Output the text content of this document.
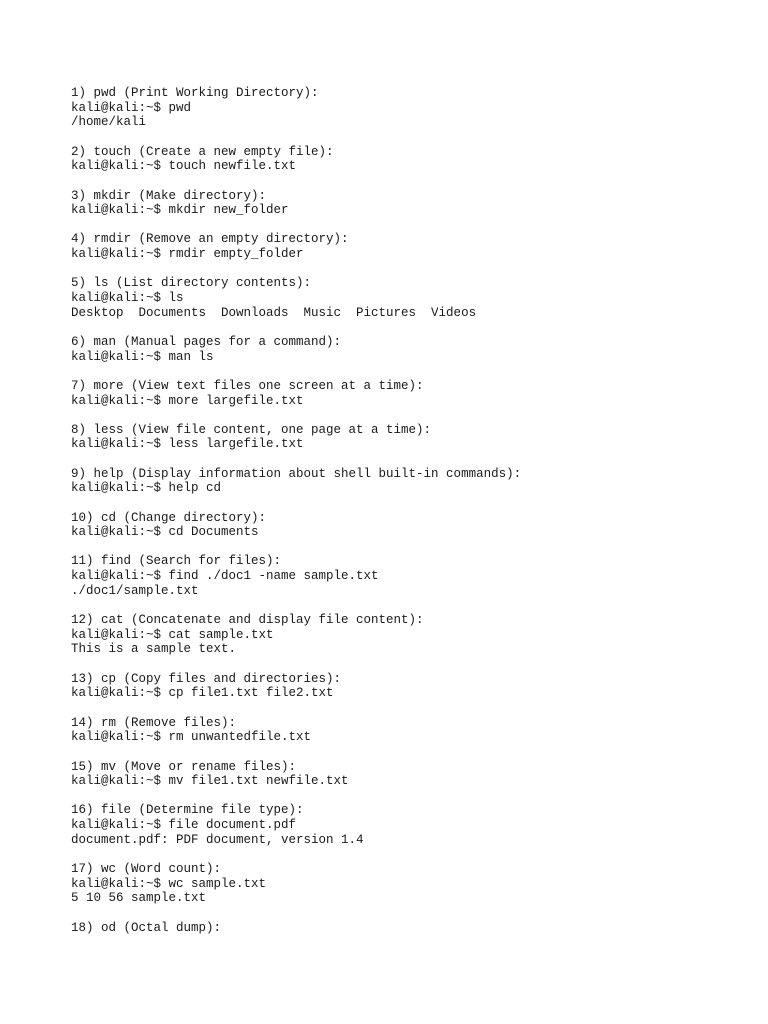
1) pwd (Print Working Directory):
kali@kali:~$ pwd
/home/kali
2) touch (Create a new empty file):
kali@kali:~$ touch newfile.txt
3) mkdir (Make directory):
kali@kali:~$ mkdir new_folder
4) rmdir (Remove an empty directory):
kali@kali:~$ rmdir empty_folder
5) ls (List directory contents):
kali@kali:~$ ls
Desktop  Documents  Downloads  Music  Pictures  Videos
6) man (Manual pages for a command):
kali@kali:~$ man ls
7) more (View text files one screen at a time):
kali@kali:~$ more largefile.txt
8) less (View file content, one page at a time):
kali@kali:~$ less largefile.txt
9) help (Display information about shell built-in commands):
kali@kali:~$ help cd
10) cd (Change directory):
kali@kali:~$ cd Documents
11) find (Search for files):
kali@kali:~$ find ./doc1 -name sample.txt
./doc1/sample.txt
12) cat (Concatenate and display file content):
kali@kali:~$ cat sample.txt
This is a sample text.
13) cp (Copy files and directories):
kali@kali:~$ cp file1.txt file2.txt
14) rm (Remove files):
kali@kali:~$ rm unwantedfile.txt
15) mv (Move or rename files):
kali@kali:~$ mv file1.txt newfile.txt
16) file (Determine file type):
kali@kali:~$ file document.pdf
document.pdf: PDF document, version 1.4
17) wc (Word count):
kali@kali:~$ wc sample.txt
5 10 56 sample.txt
18) od (Octal dump):
